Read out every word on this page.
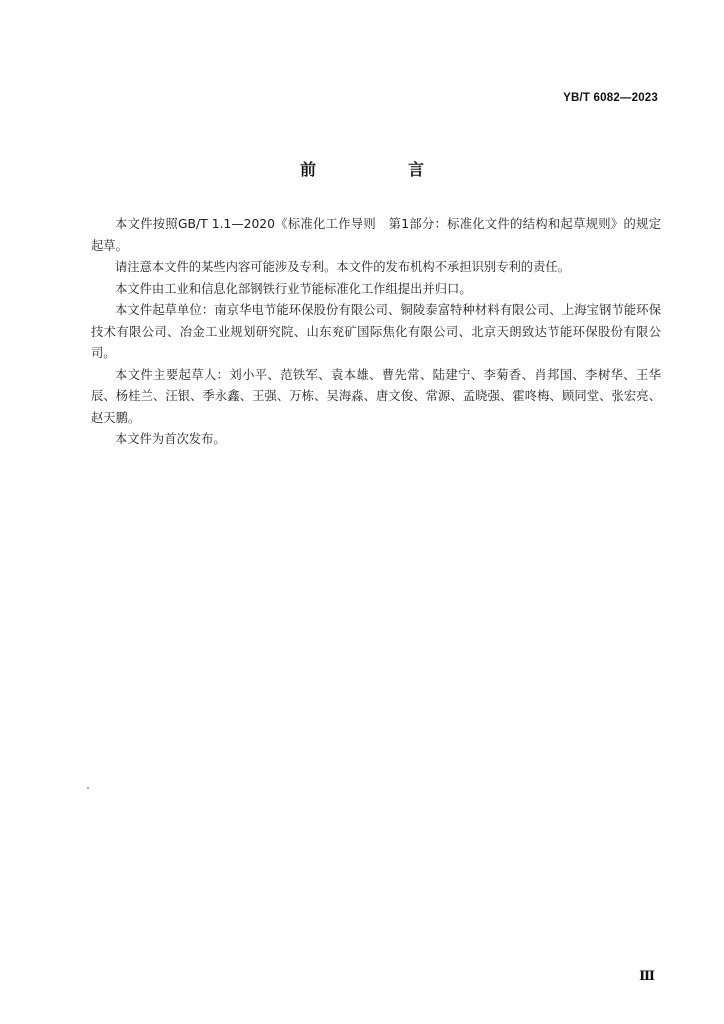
YB/T 6082—2023
前　言

本文件按照GB/T 1.1—2020《标准化工作导则　第1部分：标准化文件的结构和起草规则》的规定起草。

请注意本文件的某些内容可能涉及专利。本文件的发布机构不承担识别专利的责任。

本文件由工业和信息化部钢铁行业节能标准化工作组提出并归口。

本文件起草单位：南京华电节能环保股份有限公司、铜陵泰富特种材料有限公司、上海宝钢节能环保技术有限公司、冶金工业规划研究院、山东兖矿国际焦化有限公司、北京天朗致达节能环保股份有限公司。

本文件主要起草人：刘小平、范铁军、袁本雄、曹先常、陆建宁、李菊香、肖邦国、李树华、王华辰、杨桂兰、汪银、季永鑫、王强、万栋、吴海淼、唐文俊、常源、孟晓强、霍咚梅、顾同堂、张宏亮、赵天鹏。

本文件为首次发布。

Ⅲ
